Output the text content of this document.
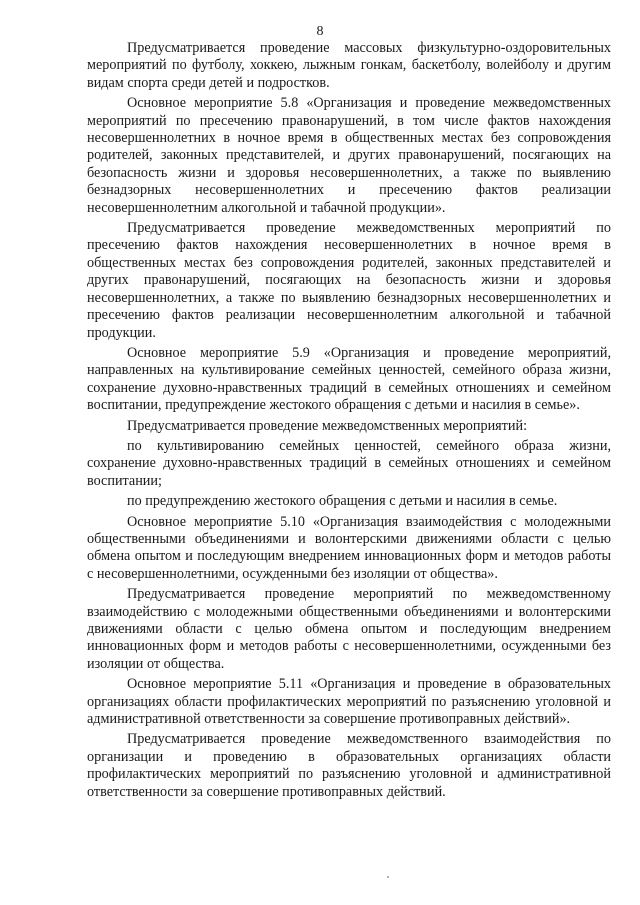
8

Предусматривается проведение массовых физкультурно-оздоровительных мероприятий по футболу, хоккею, лыжным гонкам, баскетболу, волейболу и другим видам спорта среди детей и подростков.

Основное мероприятие 5.8 «Организация и проведение межведомственных мероприятий по пресечению правонарушений, в том числе фактов нахождения несовершеннолетних в ночное время в общественных местах без сопровождения родителей, законных представителей, и других правонарушений, посягающих на безопасность жизни и здоровья несовершеннолетних, а также по выявлению безнадзорных несовершеннолетних и пресечению фактов реализации несовершеннолетним алкогольной и табачной продукции».

Предусматривается проведение межведомственных мероприятий по пресечению фактов нахождения несовершеннолетних в ночное время в общественных местах без сопровождения родителей, законных представителей и других правонарушений, посягающих на безопасность жизни и здоровья несовершеннолетних, а также по выявлению безнадзорных несовершеннолетних и пресечению фактов реализации несовершеннолетним алкогольной и табачной продукции.

Основное мероприятие 5.9 «Организация и проведение мероприятий, направленных на культивирование семейных ценностей, семейного образа жизни, сохранение духовно-нравственных традиций в семейных отношениях и семейном воспитании, предупреждение жестокого обращения с детьми и насилия в семье».

Предусматривается проведение межведомственных мероприятий:

по культивированию семейных ценностей, семейного образа жизни, сохранение духовно-нравственных традиций в семейных отношениях и семейном воспитании;

по предупреждению жестокого обращения с детьми и насилия в семье.

Основное мероприятие 5.10 «Организация взаимодействия с молодежными общественными объединениями и волонтерскими движениями области с целью обмена опытом и последующим внедрением инновационных форм и методов работы с несовершеннолетними, осужденными без изоляции от общества».

Предусматривается проведение мероприятий по межведомственному взаимодействию с молодежными общественными объединениями и волонтерскими движениями области с целью обмена опытом и последующим внедрением инновационных форм и методов работы с несовершеннолетними, осужденными без изоляции от общества.

Основное мероприятие 5.11 «Организация и проведение в образовательных организациях области профилактических мероприятий по разъяснению уголовной и административной ответственности за совершение противоправных действий».

Предусматривается проведение межведомственного взаимодействия по организации и проведению в образовательных организациях области профилактических мероприятий по разъяснению уголовной и административной ответственности за совершение противоправных действий.
